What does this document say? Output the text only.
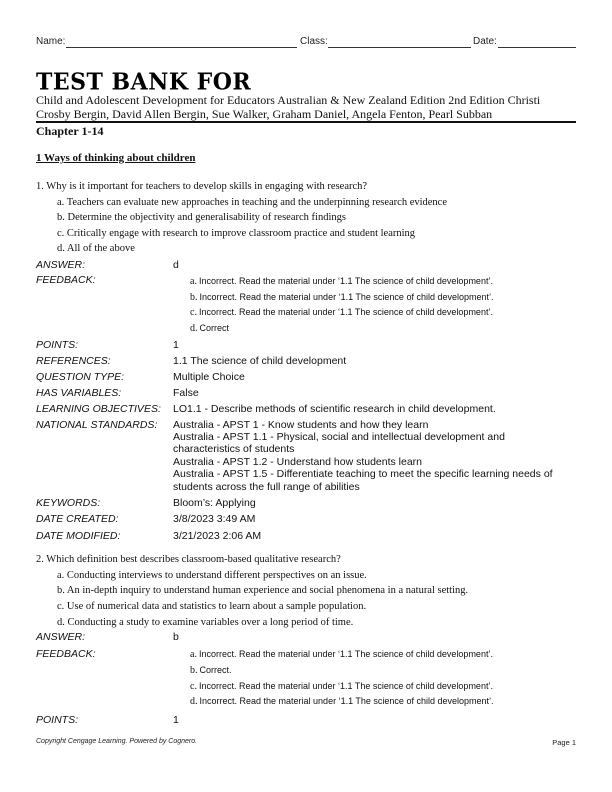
Name:	Class:	Date:
TEST BANK FOR
Child and Adolescent Development for Educators Australian & New Zealand Edition 2nd Edition Christi
Crosby Bergin, David Allen Bergin, Sue Walker, Graham Daniel, Angela Fenton, Pearl Subban
Chapter 1-14
1 Ways of thinking about children
1. Why is it important for teachers to develop skills in engaging with research?
a. Teachers can evaluate new approaches in teaching and the underpinning research evidence
b. Determine the objectivity and generalisability of research findings
c. Critically engage with research to improve classroom practice and student learning
d. All of the above
ANSWER:	d
FEEDBACK:	a. Incorrect. Read the material under ‘1.1 The science of child development’.
b. Incorrect. Read the material under ‘1.1 The science of child development’.
c. Incorrect. Read the material under ‘1.1 The science of child development’.
d. Correct
POINTS:	1
REFERENCES:	1.1 The science of child development
QUESTION TYPE:	Multiple Choice
HAS VARIABLES:	False
LEARNING OBJECTIVES: LO1.1 - Describe methods of scientific research in child development.
NATIONAL STANDARDS: Australia - APST 1 - Know students and how they learn
Australia - APST 1.1 - Physical, social and intellectual development and
characteristics of students
Australia - APST 1.2 - Understand how students learn
Australia - APST 1.5 - Differentiate teaching to meet the specific learning needs of
students across the full range of abilities
KEYWORDS:	Bloom’s: Applying
DATE CREATED:	3/8/2023 3:49 AM
DATE MODIFIED:	3/21/2023 2:06 AM
2. Which definition best describes classroom-based qualitative research?
a. Conducting interviews to understand different perspectives on an issue.
b. An in-depth inquiry to understand human experience and social phenomena in a natural setting.
c. Use of numerical data and statistics to learn about a sample population.
d. Conducting a study to examine variables over a long period of time.
ANSWER:	b
FEEDBACK:	a. Incorrect. Read the material under ‘1.1 The science of child development’.
b. Correct.
c. Incorrect. Read the material under ‘1.1 The science of child development’.
d. Incorrect. Read the material under ‘1.1 The science of child development’.
POINTS:	1
Copyright Cengage Learning. Powered by Cognero.	Page 1
